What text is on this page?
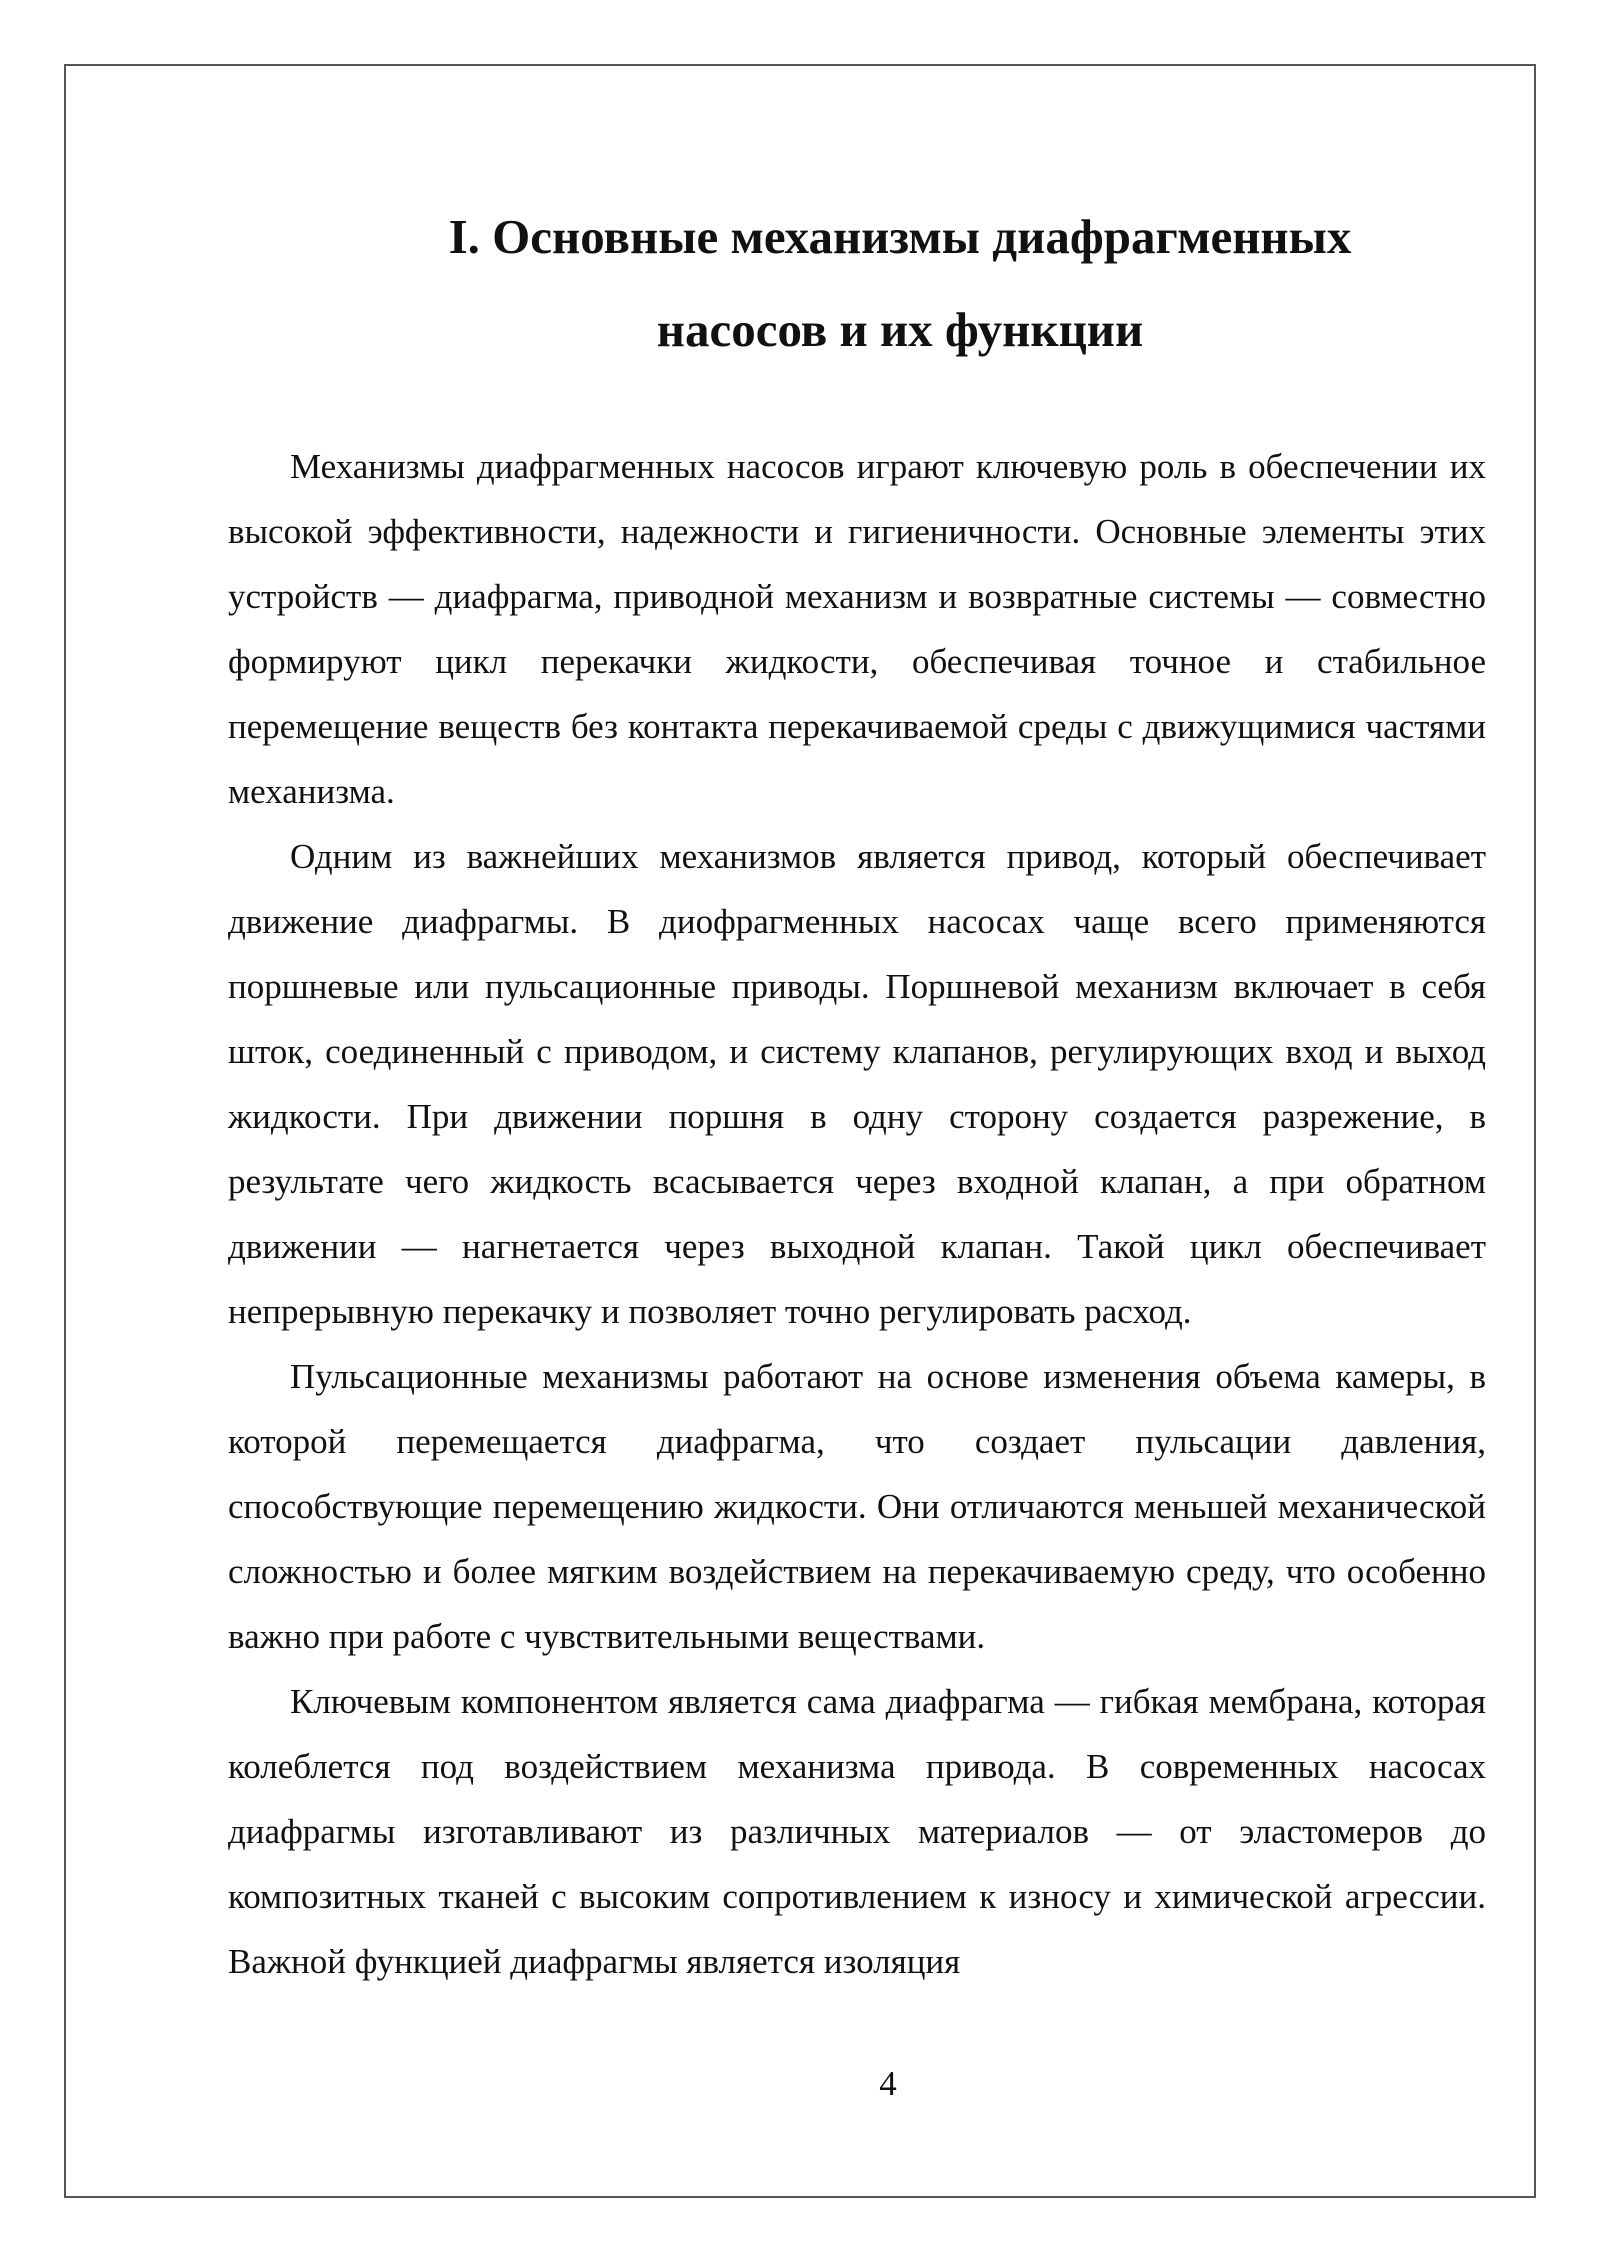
I. Основные механизмы диафрагменных
насосов и их функции

Механизмы диафрагменных насосов играют ключевую роль в обеспечении их высокой эффективности, надежности и гигиеничности. Основные элементы этих устройств — диафрагма, приводной механизм и возвратные системы — совместно формируют цикл перекачки жидкости, обеспечивая точное и стабильное перемещение веществ без контакта перекачиваемой среды с движущимися частями механизма.

Одним из важнейших механизмов является привод, который обеспечивает движение диафрагмы. В диофрагменных насосах чаще всего применяются поршневые или пульсационные приводы. Поршневой механизм включает в себя шток, соединенный с приводом, и систему клапанов, регулирующих вход и выход жидкости. При движении поршня в одну сторону создается разрежение, в результате чего жидкость всасывается через входной клапан, а при обратном движении — нагнетается через выходной клапан. Такой цикл обеспечивает непрерывную перекачку и позволяет точно регулировать расход.

Пульсационные механизмы работают на основе изменения объема камеры, в которой перемещается диафрагма, что создает пульсации давления, способствующие перемещению жидкости. Они отличаются меньшей механической сложностью и более мягким воздействием на перекачиваемую среду, что особенно важно при работе с чувствительными веществами.

Ключевым компонентом является сама диафрагма — гибкая мембрана, которая колеблется под воздействием механизма привода. В современных насосах диафрагмы изготавливают из различных материалов — от эластомеров до композитных тканей с высоким сопротивлением к износу и химической агрессии. Важной функцией диафрагмы является изоляция

4
